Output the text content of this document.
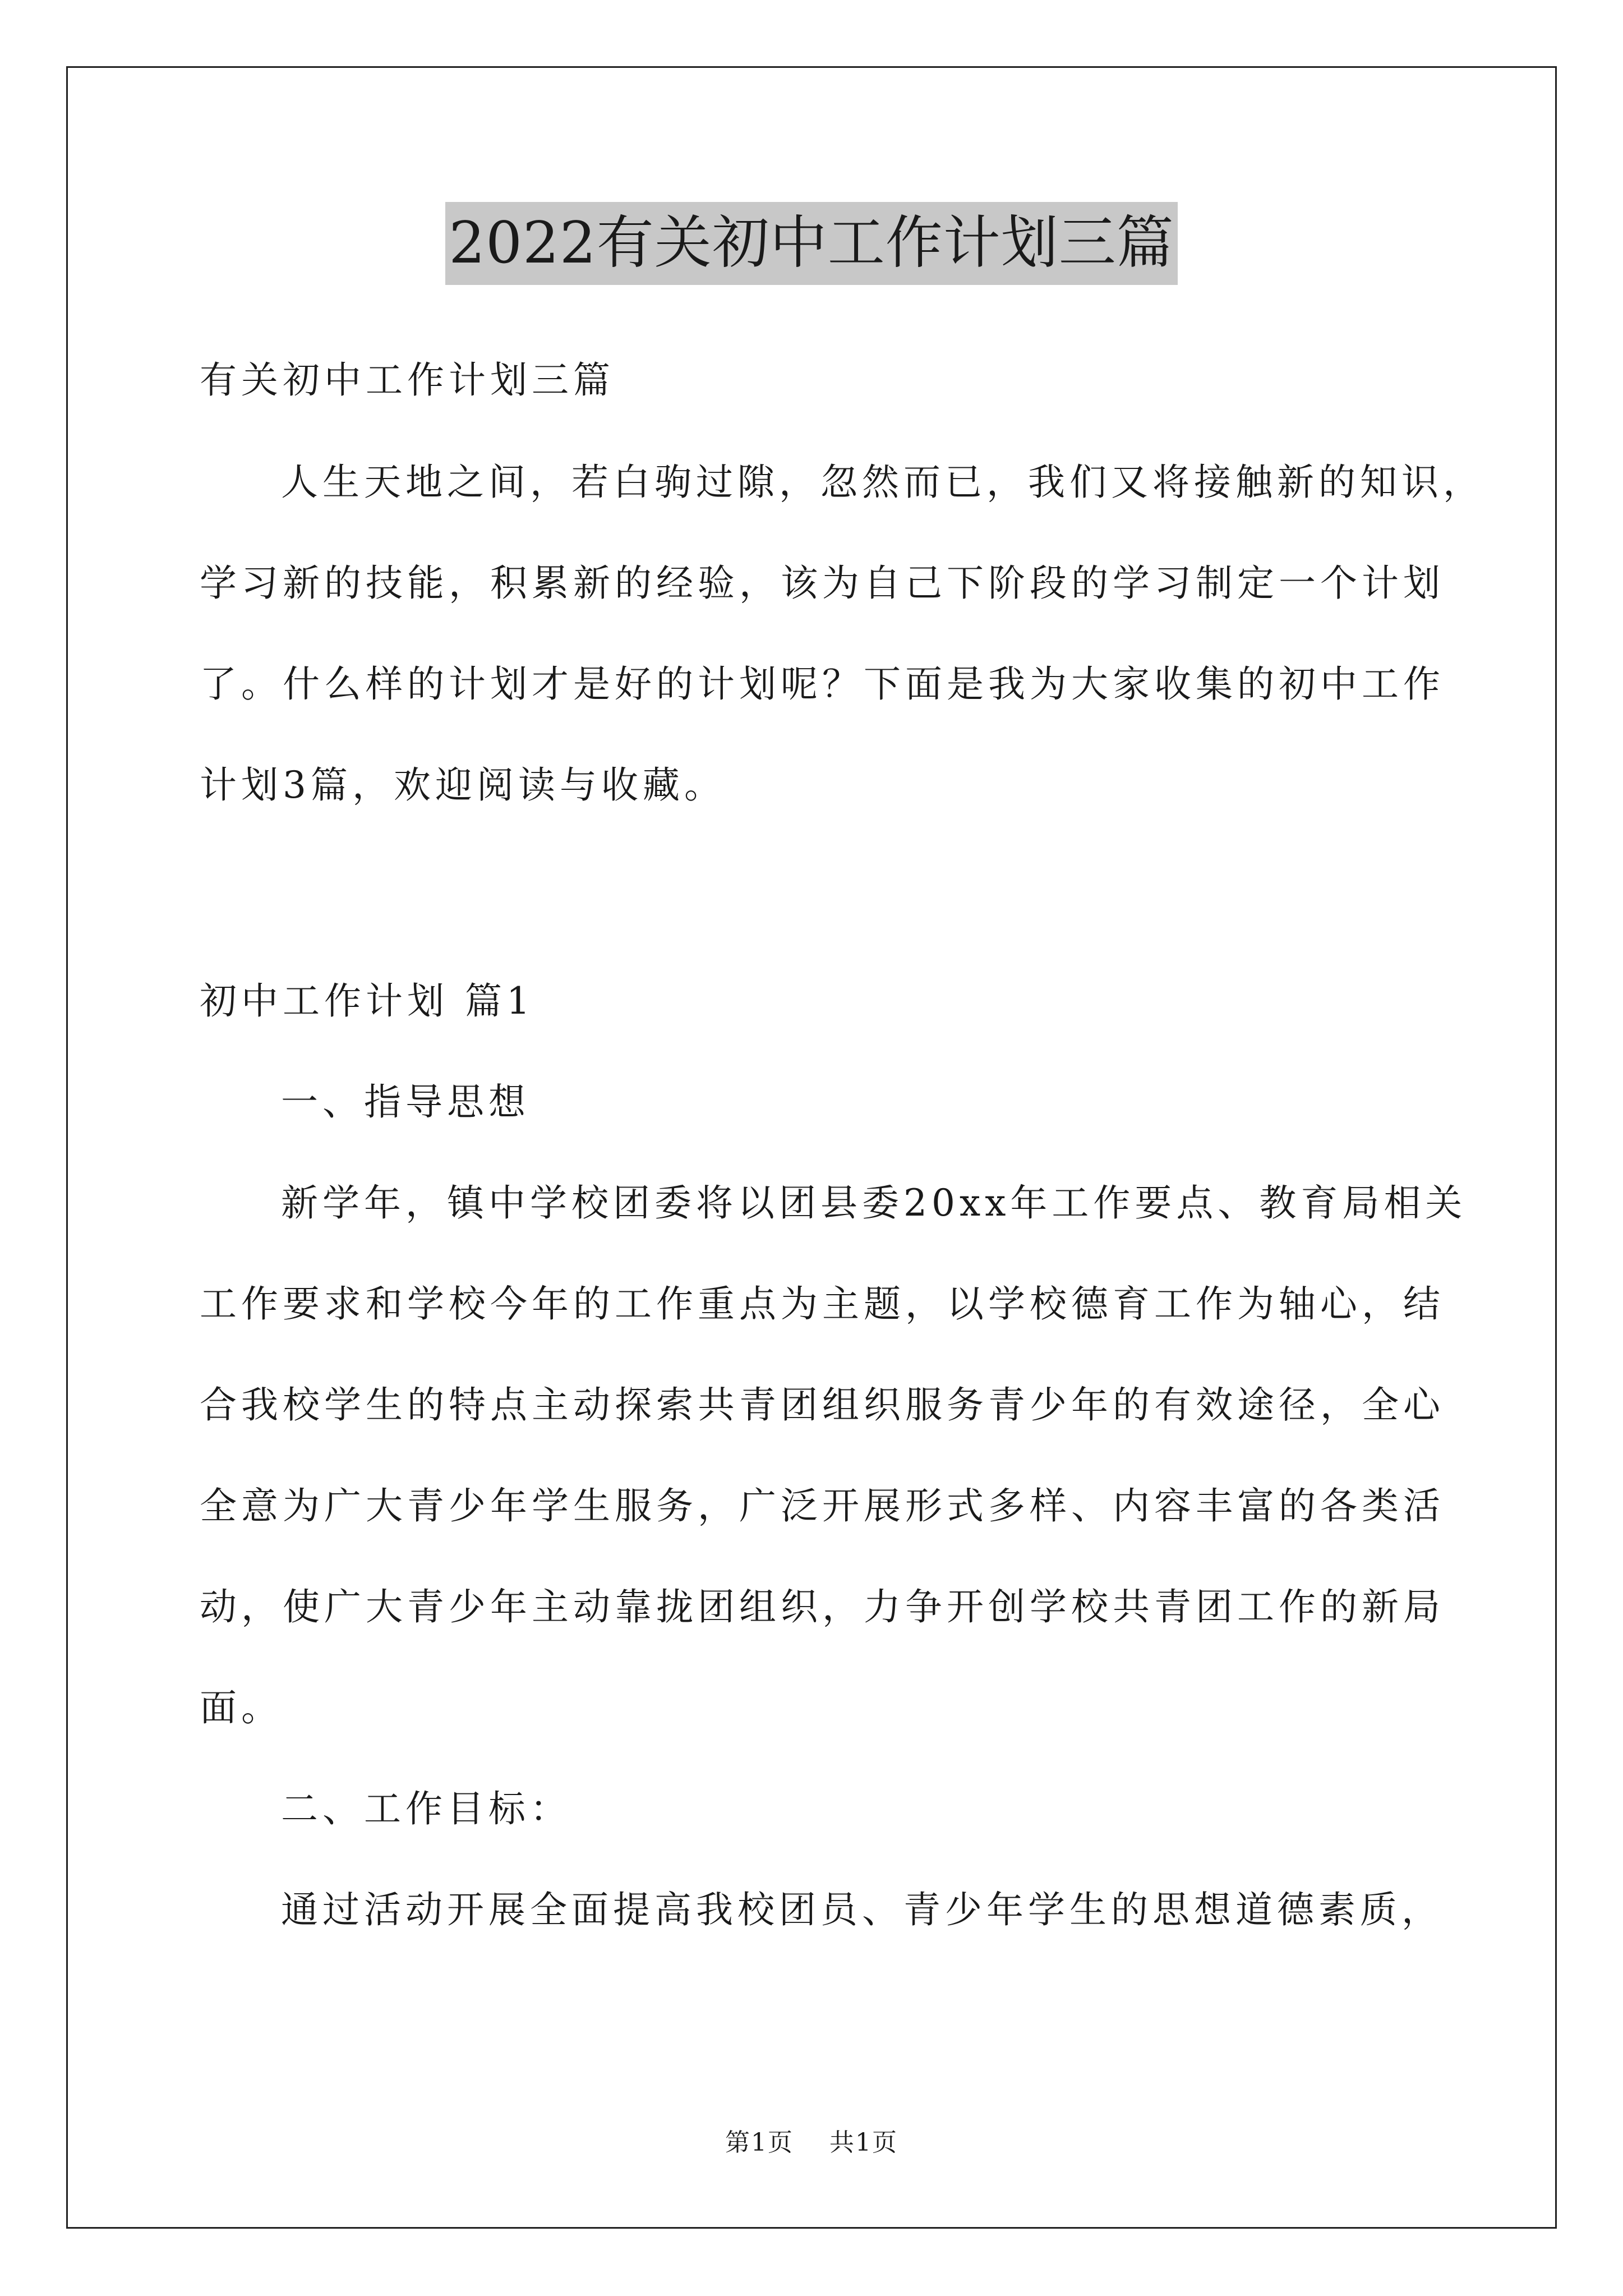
2022有关初中工作计划三篇
有关初中工作计划三篇
人生天地之间，若白驹过隙，忽然而已，我们又将接触新的知识，
学习新的技能，积累新的经验，该为自己下阶段的学习制定一个计划
了。什么样的计划才是好的计划呢？下面是我为大家收集的初中工作
计划3篇，欢迎阅读与收藏。
初中工作计划 篇1
一、指导思想
新学年，镇中学校团委将以团县委20xx年工作要点、教育局相关
工作要求和学校今年的工作重点为主题，以学校德育工作为轴心，结
合我校学生的特点主动探索共青团组织服务青少年的有效途径，全心
全意为广大青少年学生服务，广泛开展形式多样、内容丰富的各类活
动，使广大青少年主动靠拢团组织，力争开创学校共青团工作的新局
面。
二、工作目标：
通过活动开展全面提高我校团员、青少年学生的思想道德素质，
第1页 共1页
